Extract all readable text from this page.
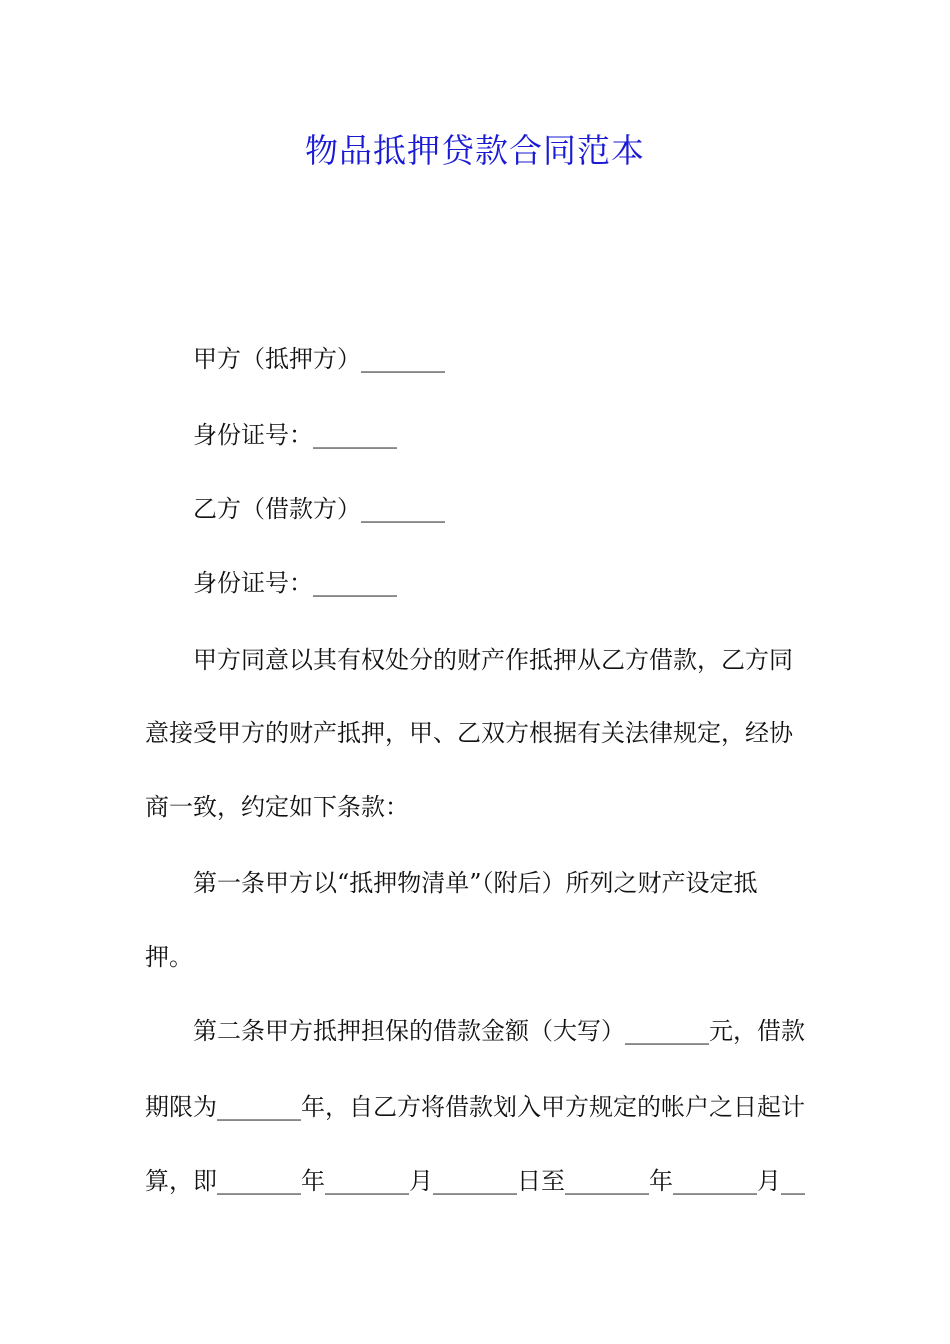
物品抵押贷款合同范本
甲方（抵押方）_______
身份证号：_______
乙方（借款方）_______
身份证号：_______
甲方同意以其有权处分的财产作抵押从乙方借款，乙方同
意接受甲方的财产抵押，甲、乙双方根据有关法律规定，经协
商一致，约定如下条款：
第一条甲方以“抵押物清单”（附后）所列之财产设定抵
押。
第二条甲方抵押担保的借款金额（大写）_______元，借款
期限为_______年，自乙方将借款划入甲方规定的帐户之日起计
算，即_______年_______月_______日至_______年_______月__
